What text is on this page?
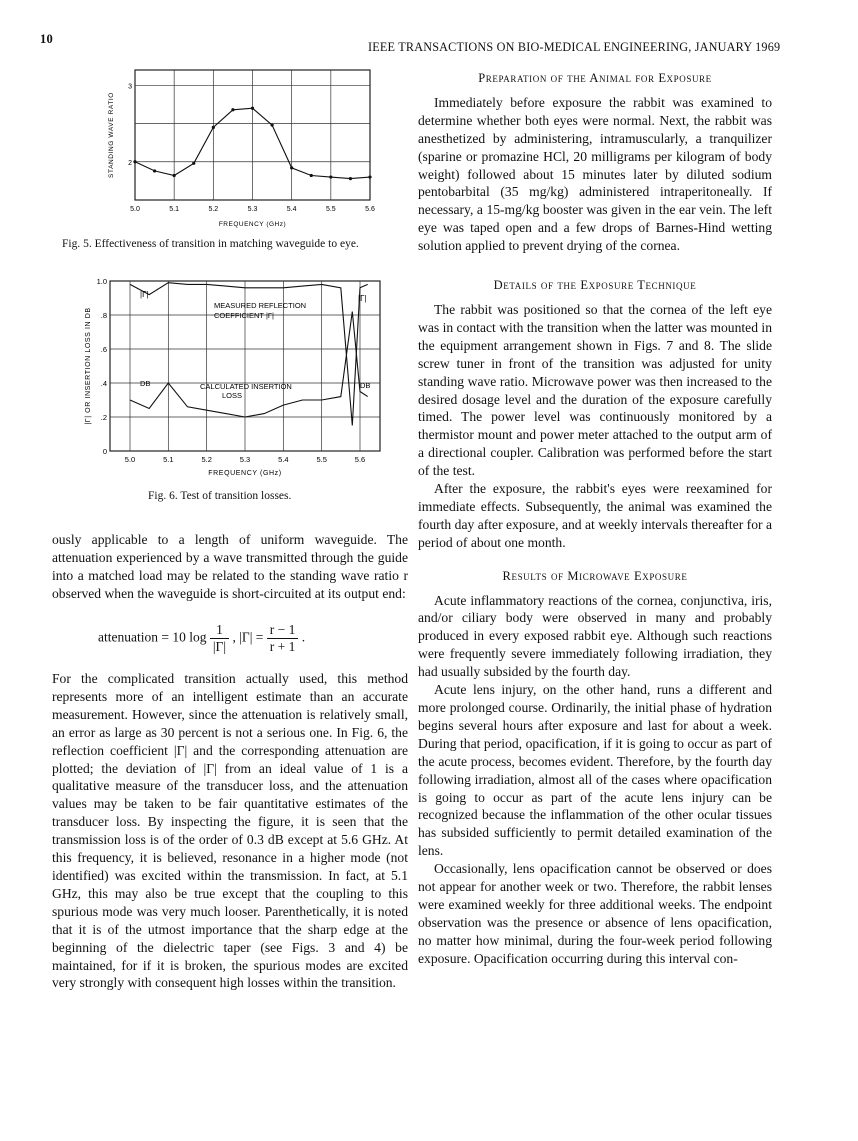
10
IEEE TRANSACTIONS ON BIO-MEDICAL ENGINEERING, JANUARY 1969
5.0	5.1	5.2	5.3	5.4	5.5	5.6
2
3
FREQUENCY (GHz)
STANDING WAVE RATIO
Fig. 5. Effectiveness of transition in matching waveguide to eye.
5.0	5.1	5.2	5.3	5.4	5.5	5.6
0
.2
.4
.6
.8
1.0
FREQUENCY (GHz)
|Γ| OR INSERTION LOSS IN DB
|Γ|	|Γ|
MEASURED REFLECTION
COEFFICIENT |Γ|
DB	DB
CALCULATED INSERTION
LOSS
Fig. 6. Test of transition losses.

ously applicable to a length of uniform waveguide. The attenuation experienced by a wave transmitted through the guide into a matched load may be related to the standing wave ratio r observed when the waveguide is short-circuited at its output end:

attenuation = 10 $\log \frac{1}{|\Gamma|}$ , $|\Gamma| = \frac{r - 1}{r + 1}$ .

For the complicated transition actually used, this method represents more of an intelligent estimate than an accurate measurement. However, since the attenuation is relatively small, an error as large as 30 percent is not a serious one. In Fig. 6, the reflection coefficient |Γ| and the corresponding attenuation are plotted; the deviation of |Γ| from an ideal value of 1 is a qualitative measure of the transducer loss, and the attenuation values may be taken to be fair quantitative estimates of the transducer loss. By inspecting the figure, it is seen that the transmission loss is of the order of 0.3 dB except at 5.6 GHz. At this frequency, it is believed, resonance in a higher mode (not identified) was excited within the transmission. In fact, at 5.1 GHz, this may also be true except that the coupling to this spurious mode was very much looser. Parenthetically, it is noted that it is of the utmost importance that the sharp edge at the beginning of the dielectric taper (see Figs. 3 and 4) be maintained, for if it is broken, the spurious modes are excited very strongly with consequent high losses within the transition.

Preparation of the Animal for Exposure

Immediately before exposure the rabbit was examined to determine whether both eyes were normal. Next, the rabbit was anesthetized by administering, intramuscularly, a tranquilizer (sparine or promazine HCl, 20 milligrams per kilogram of body weight) followed about 15 minutes later by diluted sodium pentobarbital (35 mg/kg) administered intraperitoneally. If necessary, a 15-mg/kg booster was given in the ear vein. The left eye was taped open and a few drops of Barnes-Hind wetting solution applied to prevent drying of the cornea.

Details of the Exposure Technique

The rabbit was positioned so that the cornea of the left eye was in contact with the transition when the latter was mounted in the equipment arrangement shown in Figs. 7 and 8. The slide screw tuner in front of the transition was adjusted for unity standing wave ratio. Microwave power was then increased to the desired dosage level and the duration of the exposure carefully timed. The power level was continuously monitored by a thermistor mount and power meter attached to the output arm of a directional coupler. Calibration was performed before the start of the test.

After the exposure, the rabbit's eyes were reexamined for immediate effects. Subsequently, the animal was examined the fourth day after exposure, and at weekly intervals thereafter for a period of about one month.

Results of Microwave Exposure

Acute inflammatory reactions of the cornea, conjunctiva, iris, and/or ciliary body were observed in many and probably produced in every exposed rabbit eye. Although such reactions were frequently severe immediately following irradiation, they had usually subsided by the fourth day.

Acute lens injury, on the other hand, runs a different and more prolonged course. Ordinarily, the initial phase of hydration begins several hours after exposure and last for about a week. During that period, opacification, if it is going to occur as part of the acute process, becomes evident. Therefore, by the fourth day following irradiation, almost all of the cases where opacification is going to occur as part of the acute lens injury can be recognized because the inflammation of the other ocular tissues has subsided sufficiently to permit detailed examination of the lens.

Occasionally, lens opacification cannot be observed or does not appear for another week or two. Therefore, the rabbit lenses were examined weekly for three additional weeks. The endpoint observation was the presence or absence of lens opacification, no matter how minimal, during the four-week period following exposure. Opacification occurring during this interval con-
